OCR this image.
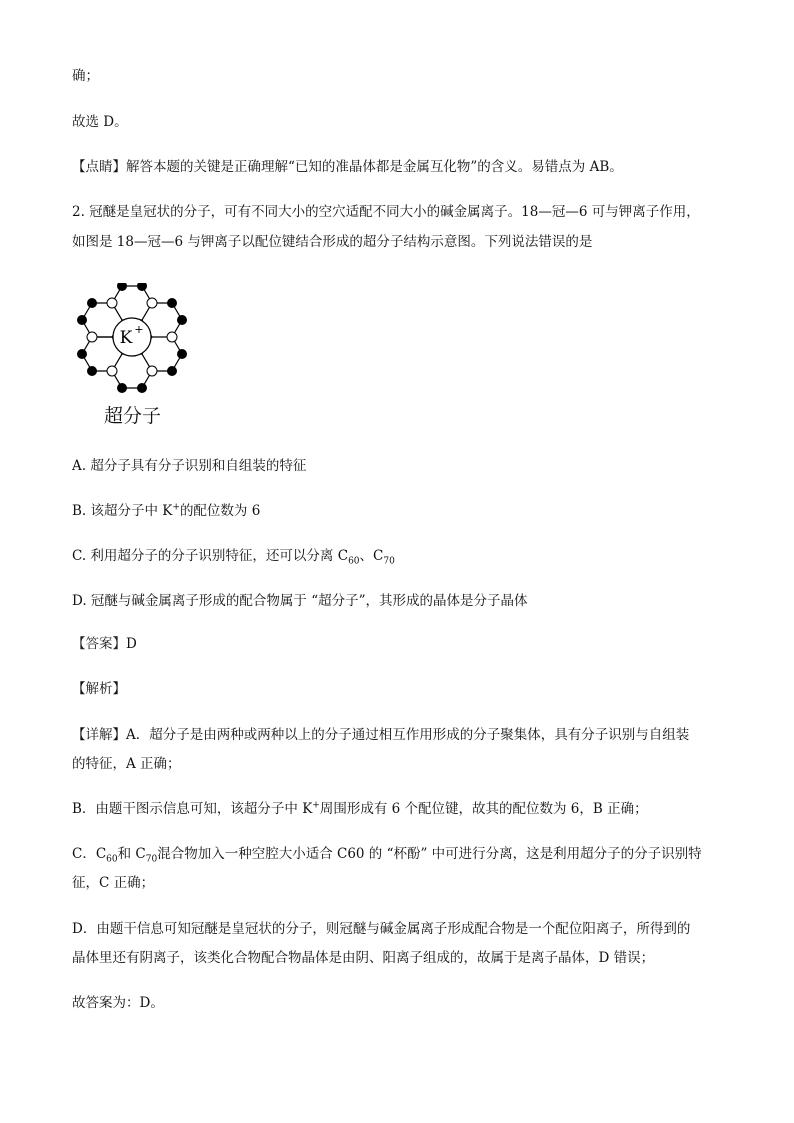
确；
故选 D。
【点睛】解答本题的关键是正确理解“已知的准晶体都是金属互化物”的含义。易错点为 AB。
2. 冠醚是皇冠状的分子，可有不同大小的空穴适配不同大小的碱金属离子。18—冠—6 可与钾离子作用，
如图是 18—冠—6 与钾离子以配位键结合形成的超分子结构示意图。下列说法错误的是
K +
超分子
A. 超分子具有分子识别和自组装的特征
B. 该超分子中 K+的配位数为 6
C. 利用超分子的分子识别特征，还可以分离 $C_{60}$、$C_{70}$
D. 冠醚与碱金属离子形成的配合物属于 “超分子”，其形成的晶体是分子晶体
【答案】D
【解析】
【详解】A．超分子是由两种或两种以上的分子通过相互作用形成的分子聚集体，具有分子识别与自组装
的特征，A 正确；
B．由题干图示信息可知，该超分子中 K+周围形成有 6 个配位键，故其的配位数为 6，B 正确；
C．$C_{60}$和 $C_{70}$混合物加入一种空腔大小适合 C60 的 “杯酚” 中可进行分离，这是利用超分子的分子识别特
征，C 正确；
D．由题干信息可知冠醚是皇冠状的分子，则冠醚与碱金属离子形成配合物是一个配位阳离子，所得到的
晶体里还有阴离子，该类化合物配合物晶体是由阴、阳离子组成的，故属于是离子晶体，D 错误；
故答案为：D。
